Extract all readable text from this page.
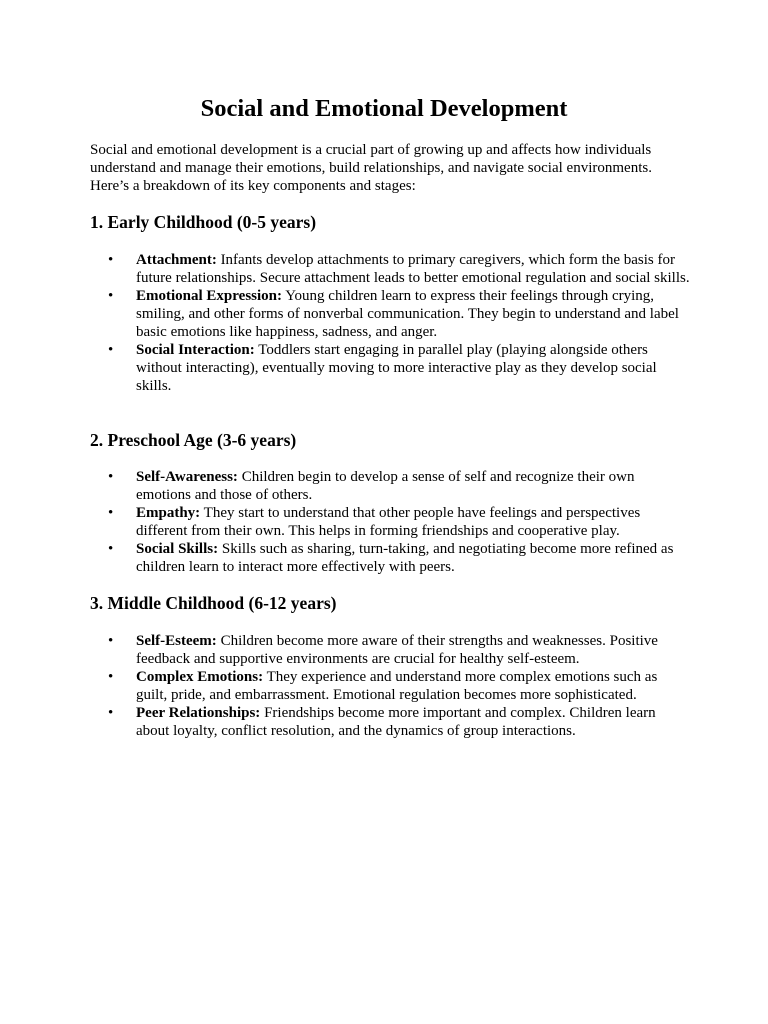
Social and Emotional Development

Social and emotional development is a crucial part of growing up and affects how individuals understand and manage their emotions, build relationships, and navigate social environments. Here’s a breakdown of its key components and stages:

1. Early Childhood (0-5 years)
•	Attachment: Infants develop attachments to primary caregivers, which form the basis for future relationships. Secure attachment leads to better emotional regulation and social skills.
•	Emotional Expression: Young children learn to express their feelings through crying, smiling, and other forms of nonverbal communication. They begin to understand and label basic emotions like happiness, sadness, and anger.
•	Social Interaction: Toddlers start engaging in parallel play (playing alongside others without interacting), eventually moving to more interactive play as they develop social skills.
2. Preschool Age (3-6 years)
•	Self-Awareness: Children begin to develop a sense of self and recognize their own emotions and those of others.
•	Empathy: They start to understand that other people have feelings and perspectives different from their own. This helps in forming friendships and cooperative play.
•	Social Skills: Skills such as sharing, turn-taking, and negotiating become more refined as children learn to interact more effectively with peers.
3. Middle Childhood (6-12 years)
•	Self-Esteem: Children become more aware of their strengths and weaknesses. Positive feedback and supportive environments are crucial for healthy self-esteem.
•	Complex Emotions: They experience and understand more complex emotions such as guilt, pride, and embarrassment. Emotional regulation becomes more sophisticated.
•	Peer Relationships: Friendships become more important and complex. Children learn about loyalty, conflict resolution, and the dynamics of group interactions.
